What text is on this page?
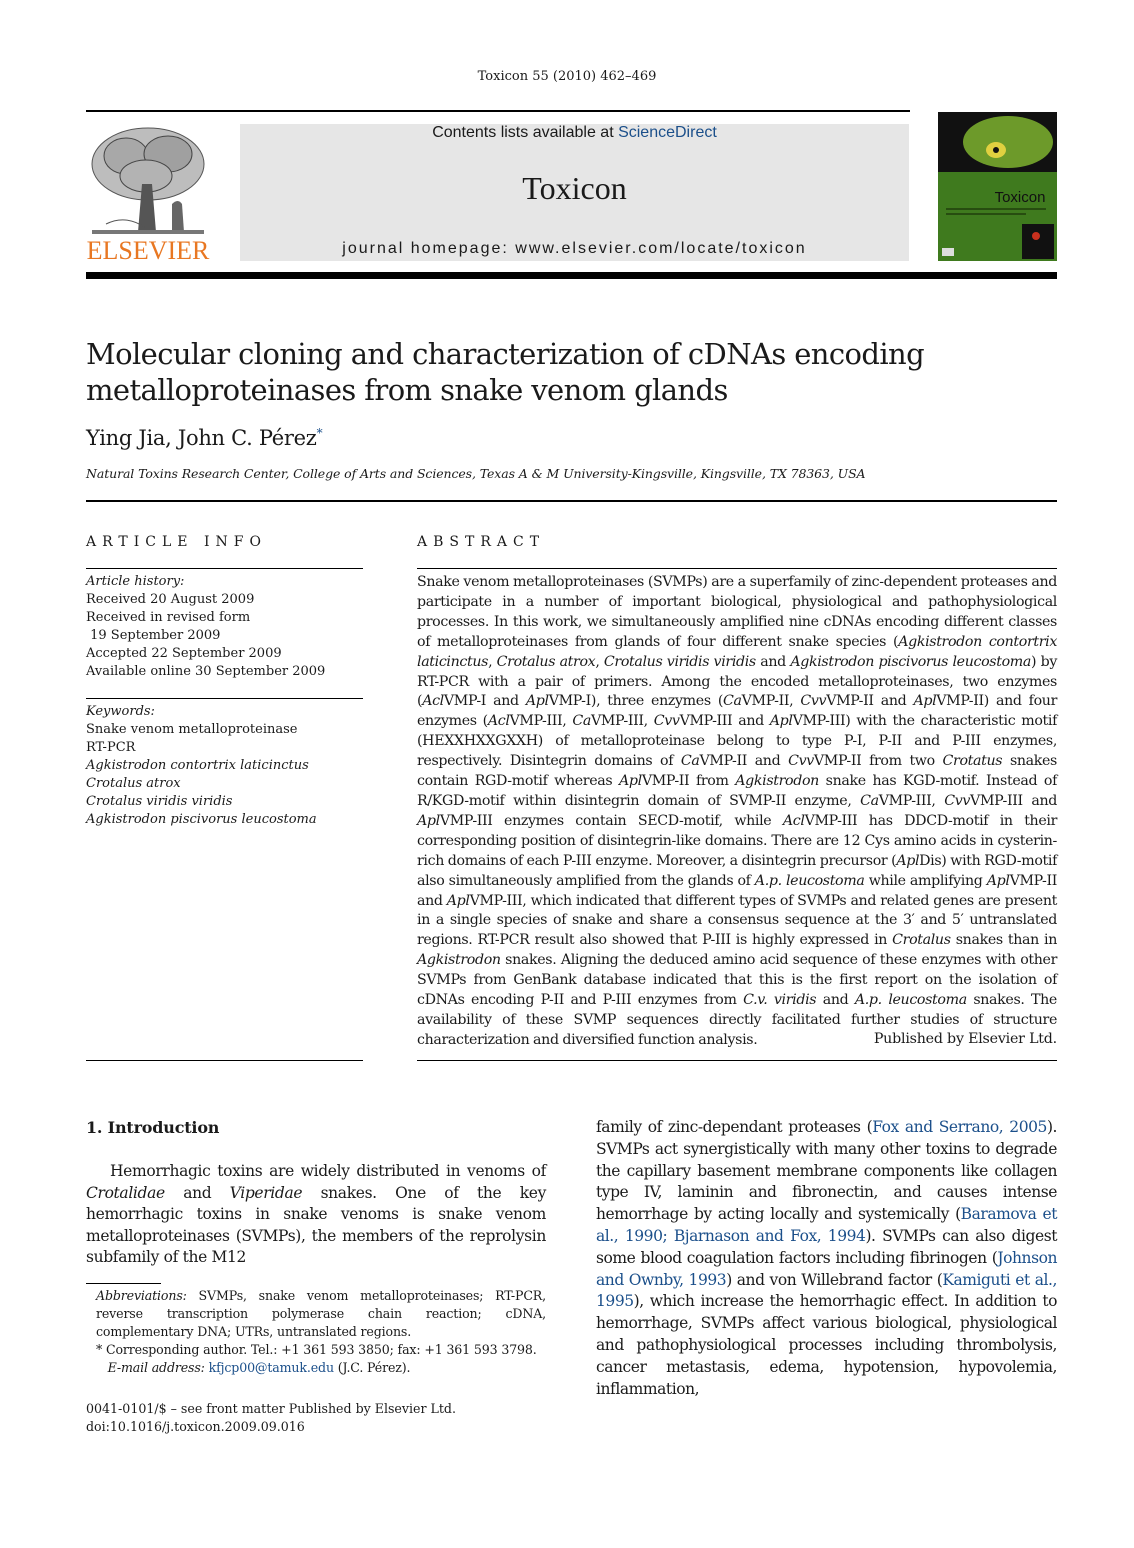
Toxicon 55 (2010) 462–469
ELSEVIER
Contents lists available at ScienceDirect
Toxicon
journal homepage: www.elsevier.com/locate/toxicon
Toxicon
Molecular cloning and characterization of cDNAs encoding
metalloproteinases from snake venom glands
Ying Jia, John C. Pérez*
Natural Toxins Research Center, College of Arts and Sciences, Texas A & M University-Kingsville, Kingsville, TX 78363, USA
ARTICLE INFO	ABSTRACT
Article history:
Received 20 August 2009
Received in revised form
19 September 2009
Accepted 22 September 2009
Available online 30 September 2009
Keywords:
Snake venom metalloproteinase
RT-PCR
Agkistrodon contortrix laticinctus
Crotalus atrox
Crotalus viridis viridis
Agkistrodon piscivorus leucostoma
Snake venom metalloproteinases (SVMPs) are a superfamily of zinc-dependent proteases and participate in a number of important biological, physiological and pathophysiological processes. In this work, we simultaneously amplified nine cDNAs encoding different classes of metalloproteinases from glands of four different snake species (Agkistrodon contortrix laticinctus, Crotalus atrox, Crotalus viridis viridis and Agkistrodon piscivorus leucostoma) by RT-PCR with a pair of primers. Among the encoded metalloproteinases, two enzymes (AclVMP-I and AplVMP-I), three enzymes (CaVMP-II, CvvVMP-II and AplVMP-II) and four enzymes (AclVMP-III, CaVMP-III, CvvVMP-III and AplVMP-III) with the characteristic motif (HEXXHXXGXXH) of metalloproteinase belong to type P-I, P-II and P-III enzymes, respectively. Disintegrin domains of CaVMP-II and CvvVMP-II from two Crotatus snakes contain RGD-motif whereas AplVMP-II from Agkistrodon snake has KGD-motif. Instead of R/KGD-motif within disintegrin domain of SVMP-II enzyme, CaVMP-III, CvvVMP-III and AplVMP-III enzymes contain SECD-motif, while AclVMP-III has DDCD-motif in their corresponding position of disintegrin-like domains. There are 12 Cys amino acids in cysterin-rich domains of each P-III enzyme. Moreover, a disintegrin precursor (AplDis) with RGD-motif also simultaneously amplified from the glands of A.p. leucostoma while amplifying AplVMP-II and AplVMP-III, which indicated that different types of SVMPs and related genes are present in a single species of snake and share a consensus sequence at the 3′ and 5′ untranslated regions. RT-PCR result also showed that P-III is highly expressed in Crotalus snakes than in Agkistrodon snakes. Aligning the deduced amino acid sequence of these enzymes with other SVMPs from GenBank database indicated that this is the first report on the isolation of cDNAs encoding P-II and P-III enzymes from C.v. viridis and A.p. leucostoma snakes. The availability of these SVMP sequences directly facilitated further studies of structure characterization and diversified function analysis.	Published by Elsevier Ltd.
1. Introduction
Hemorrhagic toxins are widely distributed in venoms of Crotalidae and Viperidae snakes. One of the key hemorrhagic toxins in snake venoms is snake venom metalloproteinases (SVMPs), the members of the reprolysin subfamily of the M12
family of zinc-dependant proteases (Fox and Serrano, 2005). SVMPs act synergistically with many other toxins to degrade the capillary basement membrane components like collagen type IV, laminin and fibronectin, and causes intense hemorrhage by acting locally and systemically (Baramova et al., 1990; Bjarnason and Fox, 1994). SVMPs can also digest some blood coagulation factors including fibrinogen (Johnson and Ownby, 1993) and von Willebrand factor (Kamiguti et al., 1995), which increase the hemorrhagic effect. In addition to hemorrhage, SVMPs affect various biological, physiological and pathophysiological processes including thrombolysis, cancer metastasis, edema, hypotension, hypovolemia, inflammation,
Abbreviations: SVMPs, snake venom metalloproteinases; RT-PCR, reverse transcription polymerase chain reaction; cDNA, complementary DNA; UTRs, untranslated regions.
* Corresponding author. Tel.: +1 361 593 3850; fax: +1 361 593 3798.
E-mail address: kfjcp00@tamuk.edu (J.C. Pérez).
0041-0101/$ – see front matter Published by Elsevier Ltd.
doi:10.1016/j.toxicon.2009.09.016
